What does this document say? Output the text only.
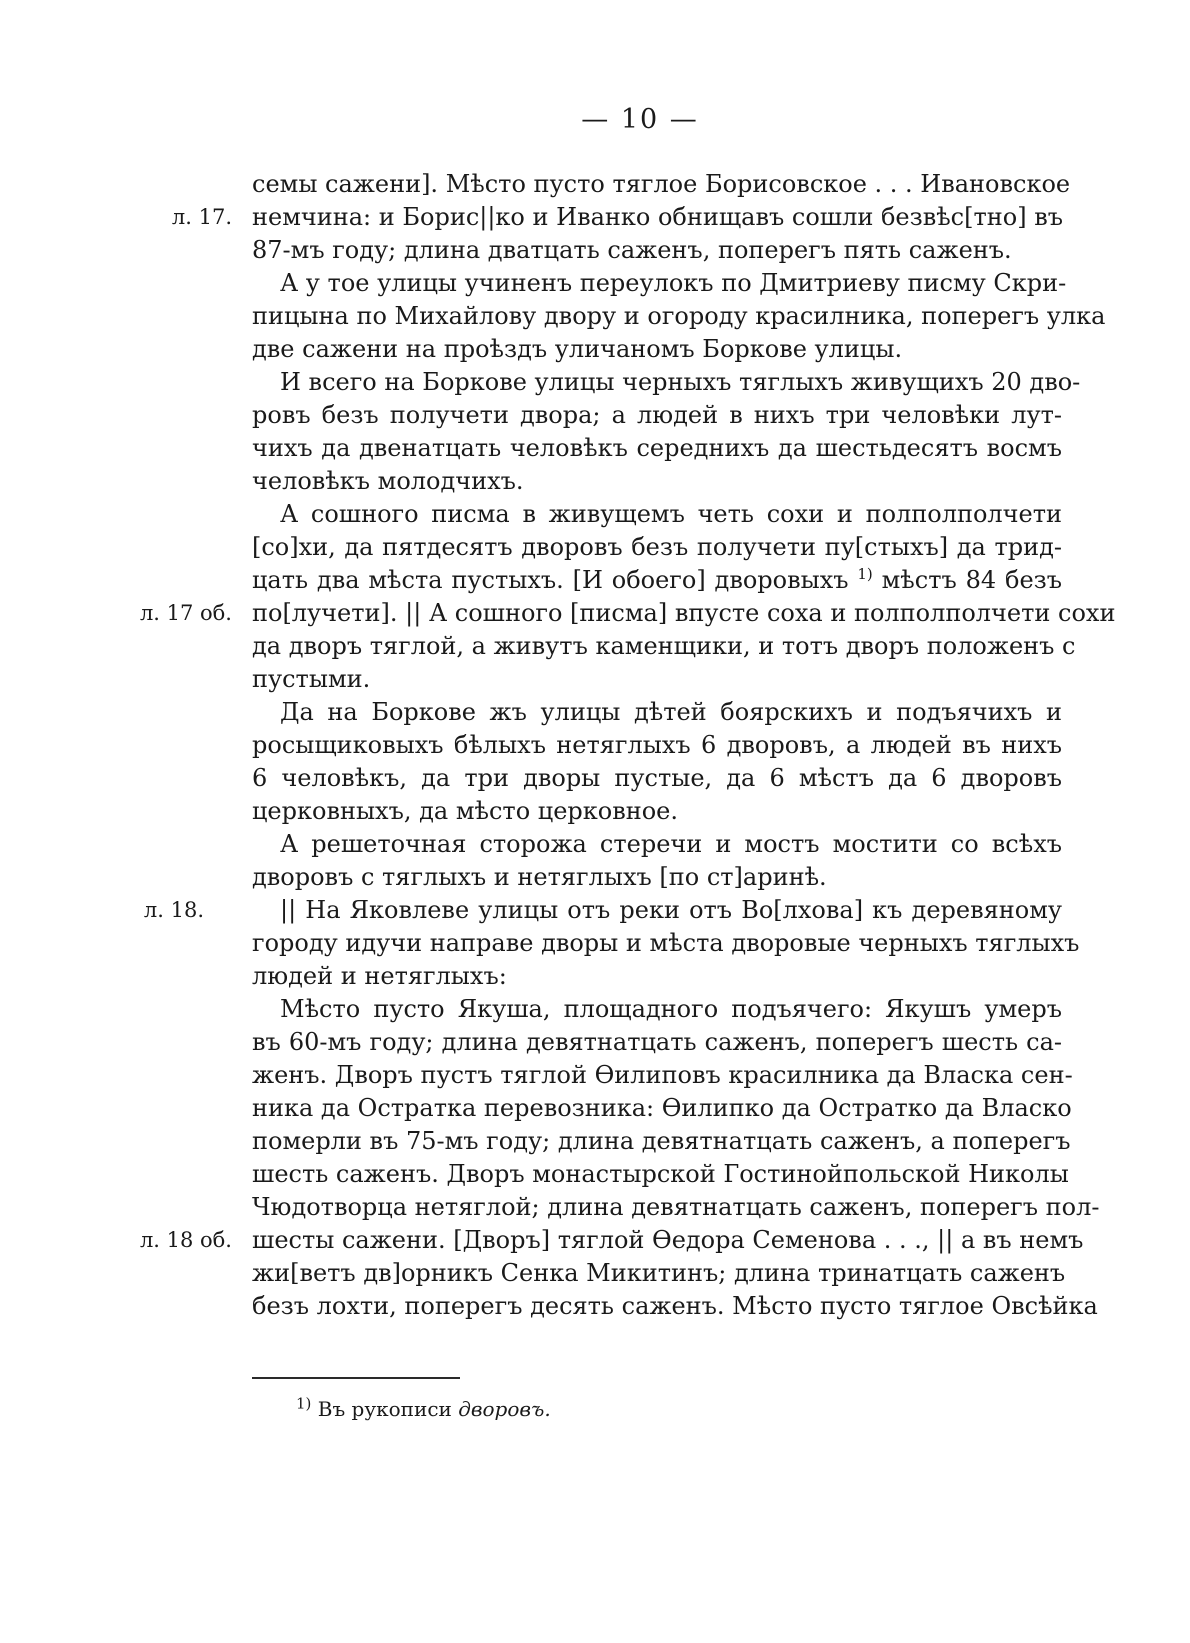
— 10 —
семы сажени]. Мѣсто пусто тяглое Борисовское . . . Ивановское
л. 17. немчина: и Борис||ко и Иванко обнищавъ сошли безвѣс[тно] въ
87-мъ году; длина дватцать саженъ, поперегъ пять саженъ.
А у тое улицы учиненъ переулокъ по Дмитриеву писму Скри-
пицына по Михайлову двору и огороду красилника, поперегъ улка
две сажени на проѣздъ уличаномъ Боркове улицы.
И всего на Боркове улицы черныхъ тяглыхъ живущихъ 20 дво-
ровъ безъ получети двора; а людей в нихъ три человѣки лут-
чихъ да двенатцать человѣкъ середнихъ да шестьдесятъ восмъ
человѣкъ молодчихъ.
А сошного писма в живущемъ четь сохи и полполполчети
[со]хи, да пятдесятъ дворовъ безъ получети пу[стыхъ] да трид-
цать два мѣста пустыхъ. [И обоего] дворовыхъ $^{1)}$ мѣстъ 84 безъ
л. 17 об. по[лучети]. || А сошного [писма] впусте соха и полполполчети сохи
да дворъ тяглой, а живутъ каменщики, и тотъ дворъ положенъ с
пустыми.
Да на Боркове жъ улицы дѣтей боярскихъ и подъячихъ и
росыщиковыхъ бѣлыхъ нетяглыхъ 6 дворовъ, а людей въ нихъ
6 человѣкъ, да три дворы пустые, да 6 мѣстъ да 6 дворовъ
церковныхъ, да мѣсто церковное.
А решеточная сторожа стеречи и мостъ мостити со всѣхъ
дворовъ с тяглыхъ и нетяглыхъ [по ст]аринѣ.
л. 18.	|| На Яковлеве улицы отъ реки отъ Во[лхова] къ деревяному
городу идучи направе дворы и мѣста дворовые черныхъ тяглыхъ
людей и нетяглыхъ:
Мѣсто пусто Якуша, площадного подъячего: Якушъ умеръ
въ 60-мъ году; длина девятнатцать саженъ, поперегъ шесть са-
женъ. Дворъ пустъ тяглой Ѳилиповъ красилника да Власка сен-
ника да Остратка перевозника: Ѳилипко да Остратко да Власко
померли въ 75-мъ году; длина девятнатцать саженъ, а поперегъ
шесть саженъ. Дворъ монастырской Гостинойпольской Николы
Чюдотворца нетяглой; длина девятнатцать саженъ, поперегъ пол-
л. 18 об. шесты сажени. [Дворъ] тяглой Ѳедора Семенова . . ., || а въ немъ
жи[ветъ дв]орникъ Сенка Микитинъ; длина тринатцать саженъ
безъ лохти, поперегъ десять саженъ. Мѣсто пусто тяглое Овсѣйка
$^{1)}$ Въ рукописи дворовъ.
